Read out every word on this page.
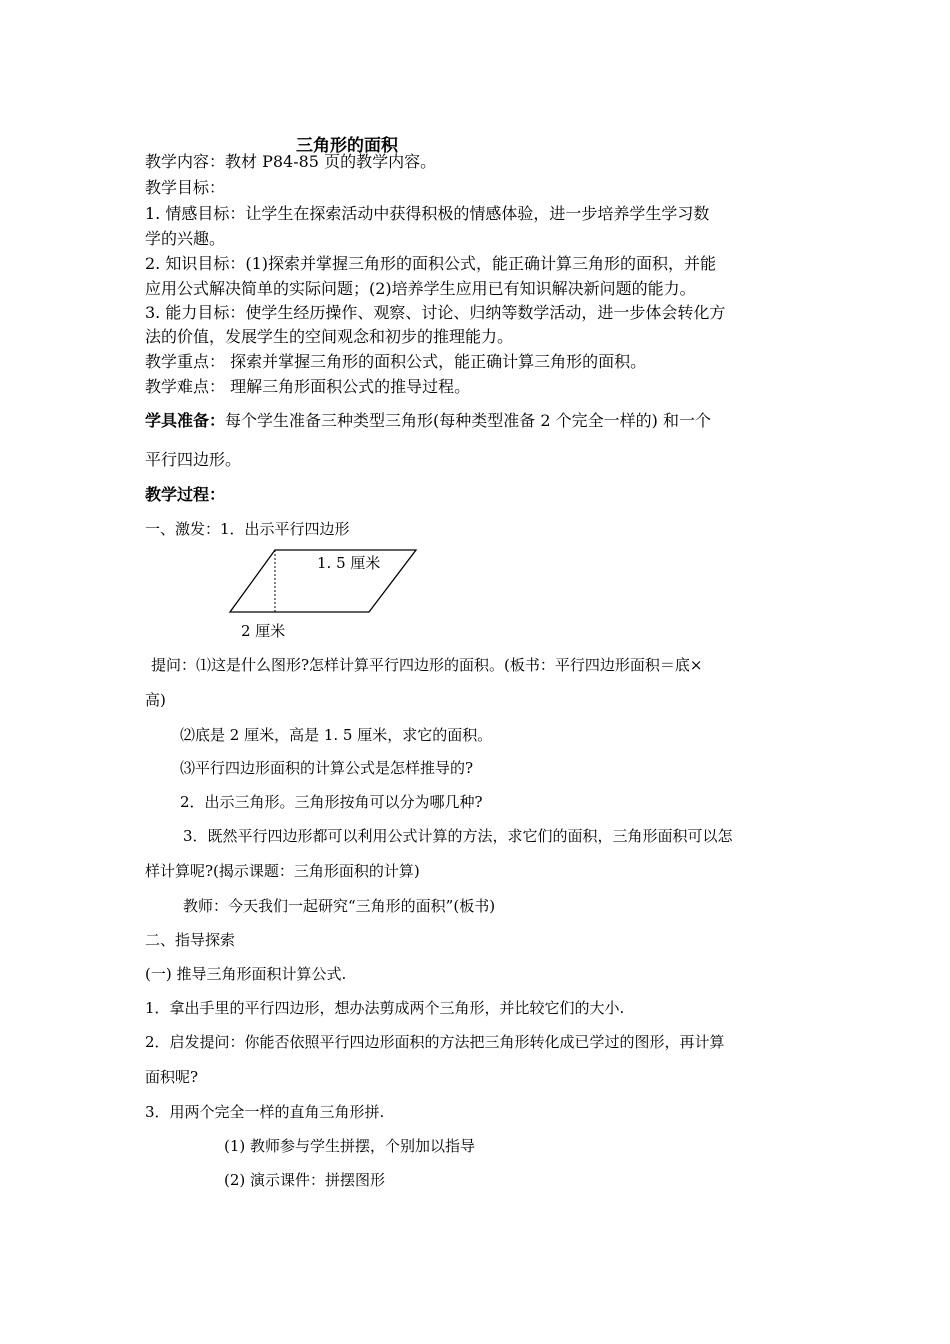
三角形的面积
教学内容：教材 P84-85 页的教学内容。
教学目标：
1. 情感目标：让学生在探索活动中获得积极的情感体验，进一步培养学生学习数
学的兴趣。
2. 知识目标：(1)探索并掌握三角形的面积公式，能正确计算三角形的面积，并能
应用公式解决简单的实际问题；(2)培养学生应用已有知识解决新问题的能力。
3. 能力目标：使学生经历操作、观察、讨论、归纳等数学活动，进一步体会转化方
法的价值，发展学生的空间观念和初步的推理能力。
教学重点： 探索并掌握三角形的面积公式，能正确计算三角形的面积。
教学难点： 理解三角形面积公式的推导过程。
学具准备：每个学生准备三种类型三角形(每种类型准备 2 个完全一样的) 和一个
平行四边形。
教学过程：
一、激发：1．出示平行四边形
1. 5 厘米
2 厘米
提问：⑴这是什么图形?怎样计算平行四边形的面积。(板书：平行四边形面积＝底×
高)
⑵底是 2 厘米，高是 1. 5 厘米，求它的面积。
⑶平行四边形面积的计算公式是怎样推导的?
2．出示三角形。三角形按角可以分为哪几种?
3．既然平行四边形都可以利用公式计算的方法，求它们的面积，三角形面积可以怎
样计算呢?(揭示课题：三角形面积的计算)
教师：今天我们一起研究“三角形的面积”(板书)
二、指导探索
(一) 推导三角形面积计算公式.
1．拿出手里的平行四边形，想办法剪成两个三角形，并比较它们的大小.
2．启发提问：你能否依照平行四边形面积的方法把三角形转化成已学过的图形，再计算
面积呢?
3．用两个完全一样的直角三角形拼.
(1) 教师参与学生拼摆，个别加以指导
(2) 演示课件：拼摆图形
